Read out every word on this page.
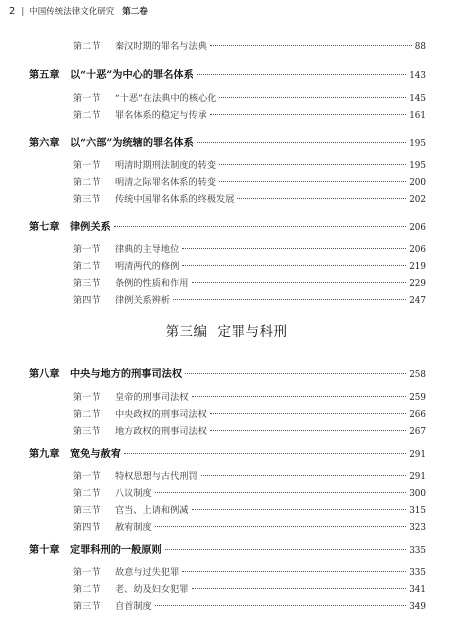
2 | 中国传统法律文化研究 第二卷
第二节	秦汉时期的罪名与法典	88
第五章	以“十恶”为中心的罪名体系	143
第一节	“十恶”在法典中的核心化	145
第二节	罪名体系的稳定与传承	161
第六章	以“六部”为统辖的罪名体系	195
第一节	明清时期刑法制度的转变	195
第二节	明清之际罪名体系的转变	200
第三节	传统中国罪名体系的终极发展	202
第七章	律例关系	206
第一节	律典的主导地位	206
第二节	明清两代的修例	219
第三节	条例的性质和作用	229
第四节	律例关系辨析	247
第三编 定罪与科刑
第八章	中央与地方的刑事司法权	258
第一节	皇帝的刑事司法权	259
第二节	中央政权的刑事司法权	266
第三节	地方政权的刑事司法权	267
第九章	宽免与赦宥	291
第一节	特权思想与古代刑罚	291
第二节	八议制度	300
第三节	官当、上请和例减	315
第四节	赦宥制度	323
第十章	定罪科刑的一般原则	335
第一节	故意与过失犯罪	335
第二节	老、幼及妇女犯罪	341
第三节	自首制度	349
